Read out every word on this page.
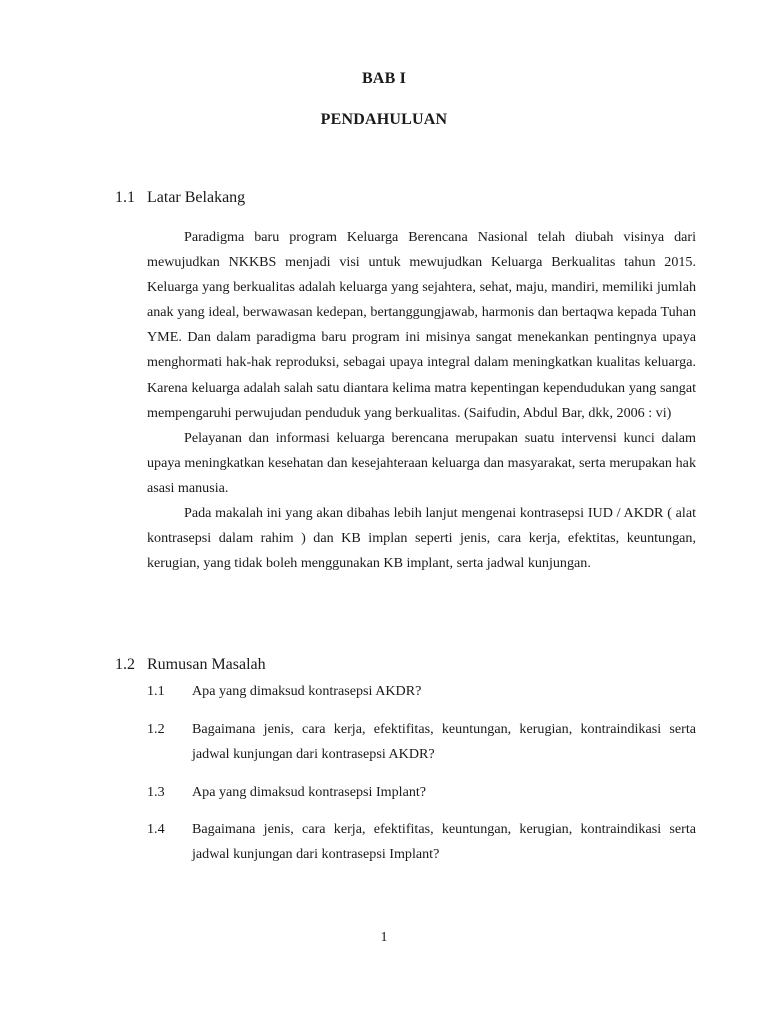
BAB I
PENDAHULUAN
1.1 Latar Belakang

Paradigma baru program Keluarga Berencana Nasional telah diubah visinya dari mewujudkan NKKBS menjadi visi untuk mewujudkan Keluarga Berkualitas tahun 2015. Keluarga yang berkualitas adalah keluarga yang sejahtera, sehat, maju, mandiri, memiliki jumlah anak yang ideal, berwawasan kedepan, bertanggungjawab, harmonis dan bertaqwa kepada Tuhan YME. Dan dalam paradigma baru program ini misinya sangat menekankan pentingnya upaya menghormati hak-hak reproduksi, sebagai upaya integral dalam meningkatkan kualitas keluarga. Karena keluarga adalah salah satu diantara kelima matra kepentingan kependudukan yang sangat mempengaruhi perwujudan penduduk yang berkualitas. (Saifudin, Abdul Bar, dkk, 2006 : vi)

Pelayanan dan informasi keluarga berencana merupakan suatu intervensi kunci dalam upaya meningkatkan kesehatan dan kesejahteraan keluarga dan masyarakat, serta merupakan hak asasi manusia.

Pada makalah ini yang akan dibahas lebih lanjut mengenai kontrasepsi IUD / AKDR ( alat kontrasepsi dalam rahim ) dan KB implan seperti jenis, cara kerja, efektitas, keuntungan, kerugian, yang tidak boleh menggunakan KB implant, serta jadwal kunjungan.

1.2 Rumusan Masalah
1.1 Apa yang dimaksud kontrasepsi AKDR?
1.2 Bagaimana jenis, cara kerja, efektifitas, keuntungan, kerugian, kontraindikasi serta jadwal kunjungan dari kontrasepsi AKDR?
1.3 Apa yang dimaksud kontrasepsi Implant?
1.4 Bagaimana jenis, cara kerja, efektifitas, keuntungan, kerugian, kontraindikasi serta jadwal kunjungan dari kontrasepsi Implant?
1
